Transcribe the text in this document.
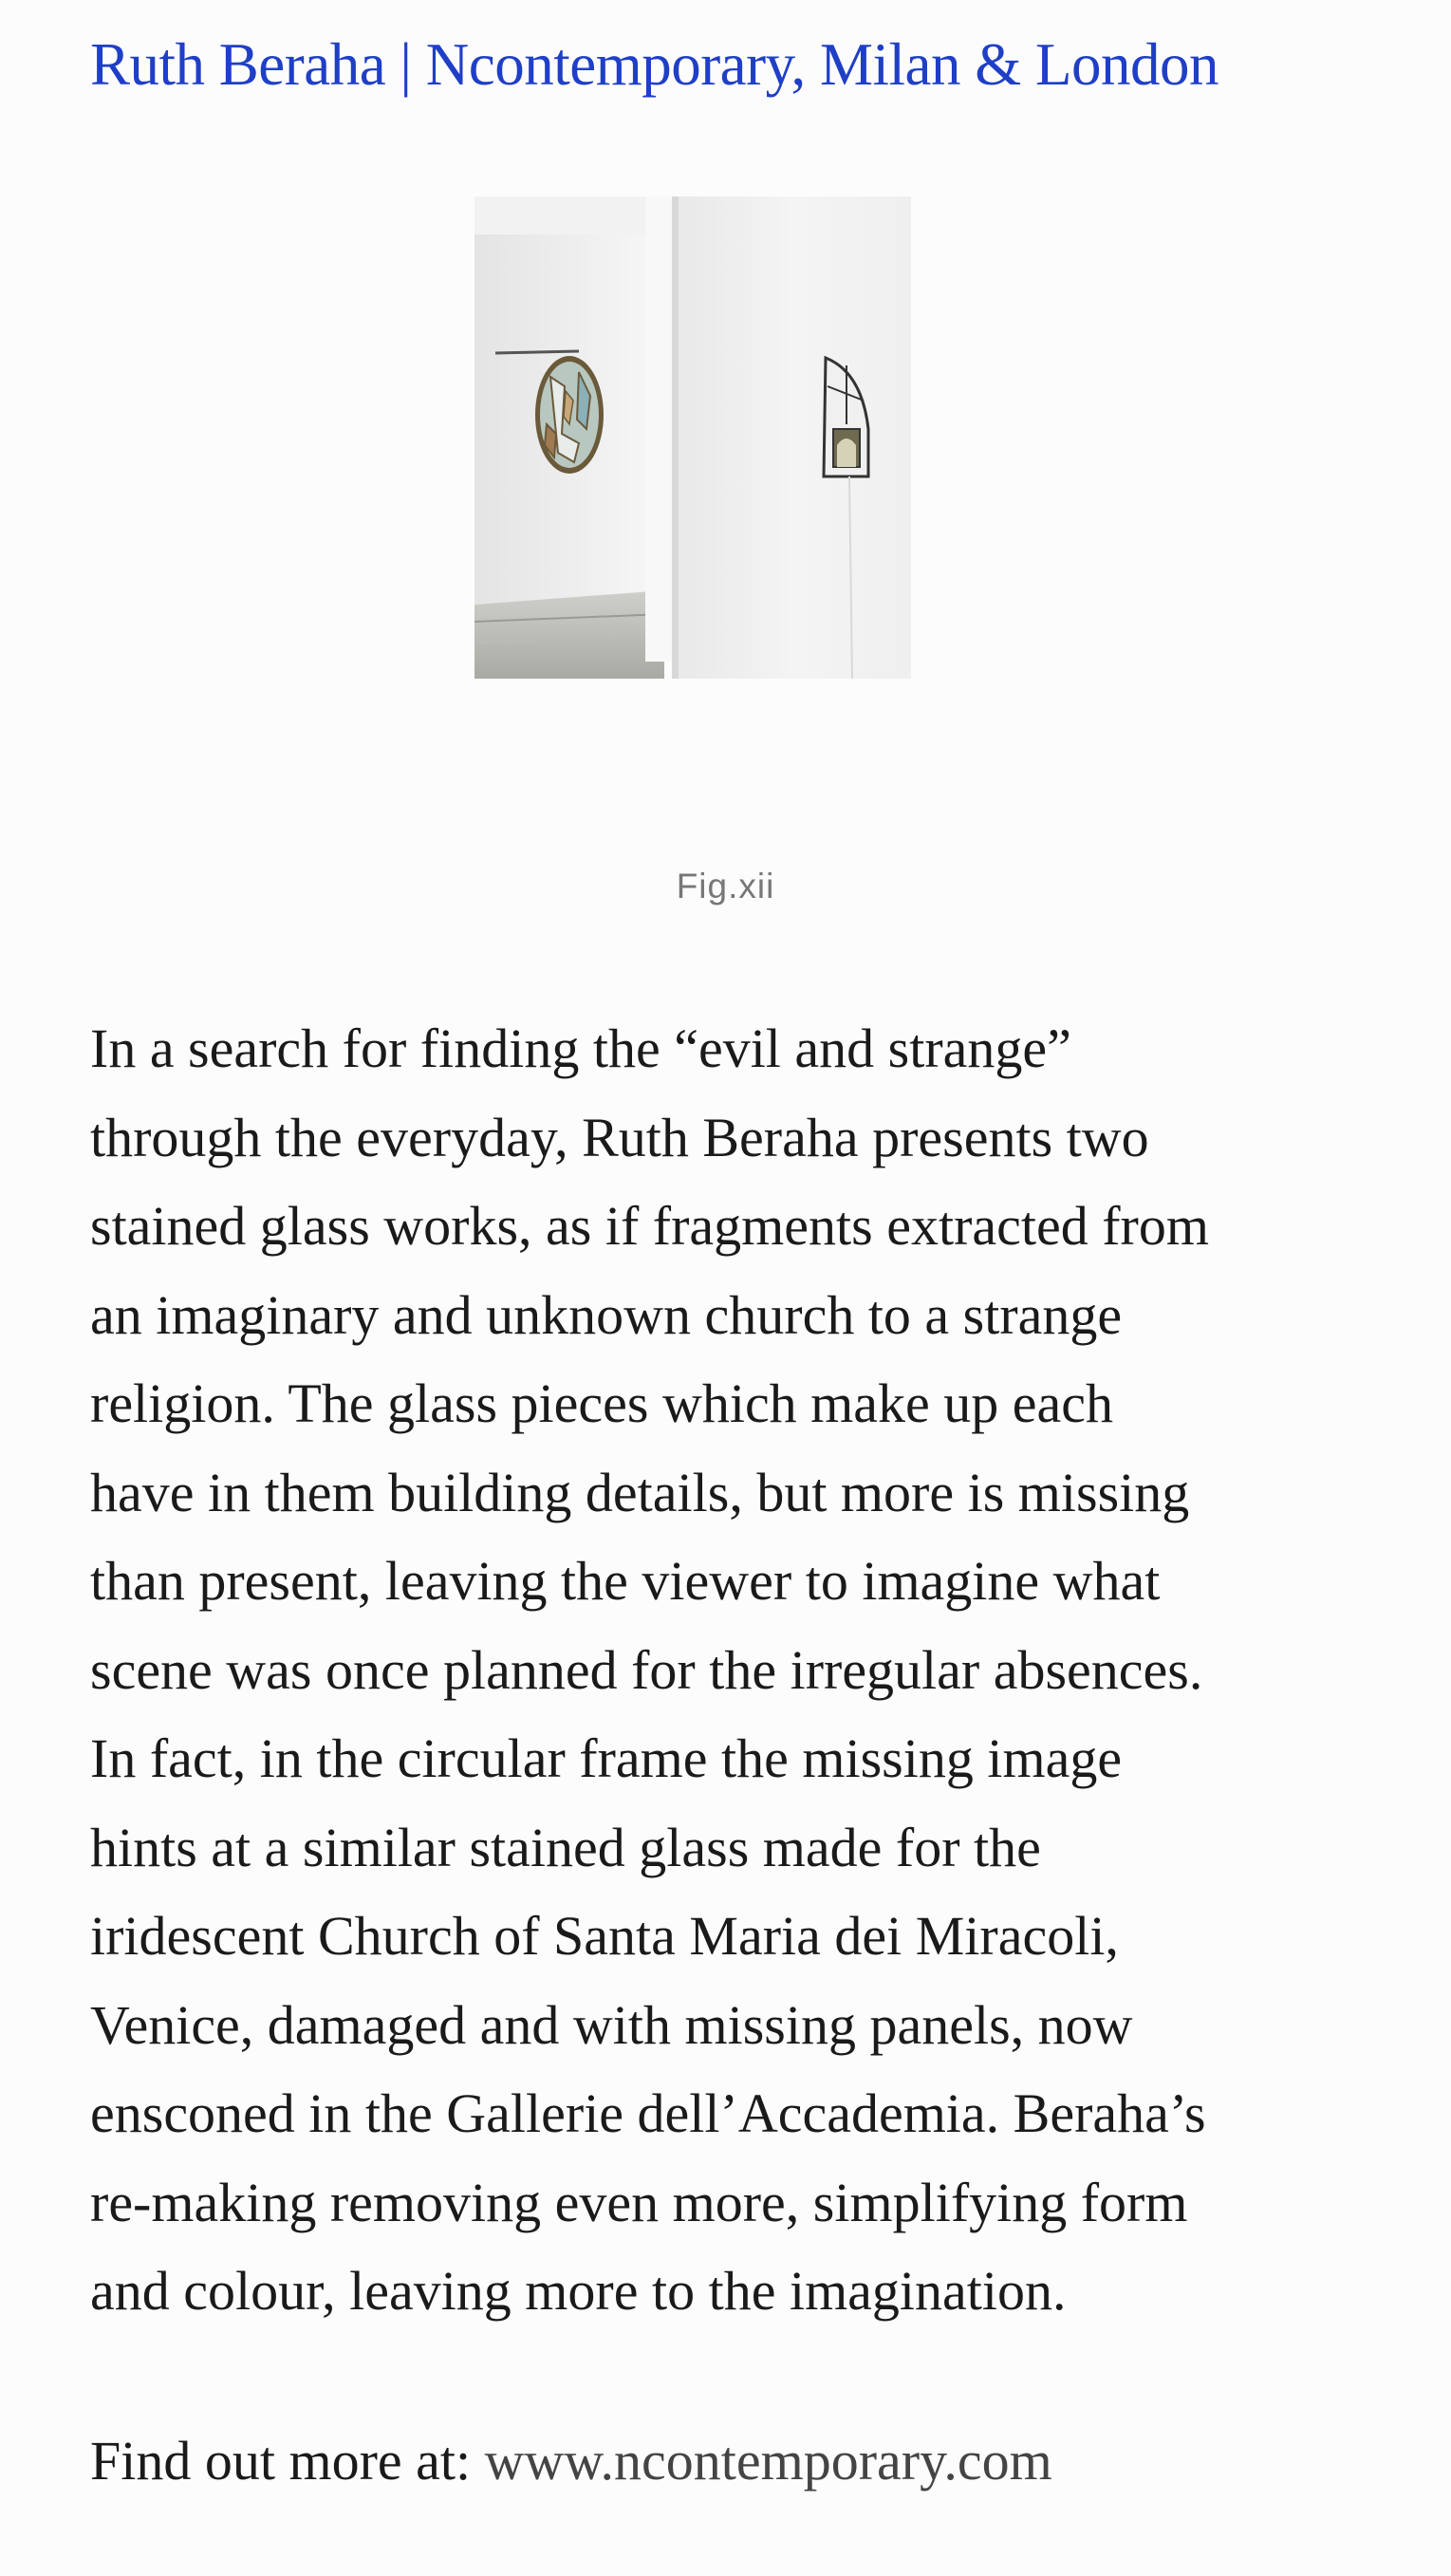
Ruth Beraha | Ncontemporary, Milan & London
Fig.xii

In a search for finding the “evil and strange”
through the everyday, Ruth Beraha presents two
stained glass works, as if fragments extracted from
an imaginary and unknown church to a strange
religion. The glass pieces which make up each
have in them building details, but more is missing
than present, leaving the viewer to imagine what
scene was once planned for the irregular absences.
In fact, in the circular frame the missing image
hints at a similar stained glass made for the
iridescent Church of Santa Maria dei Miracoli,
Venice, damaged and with missing panels, now
ensconed in the Gallerie dell’Accademia. Beraha’s
re-making removing even more, simplifying form
and colour, leaving more to the imagination.

Find out more at: www.ncontemporary.com
